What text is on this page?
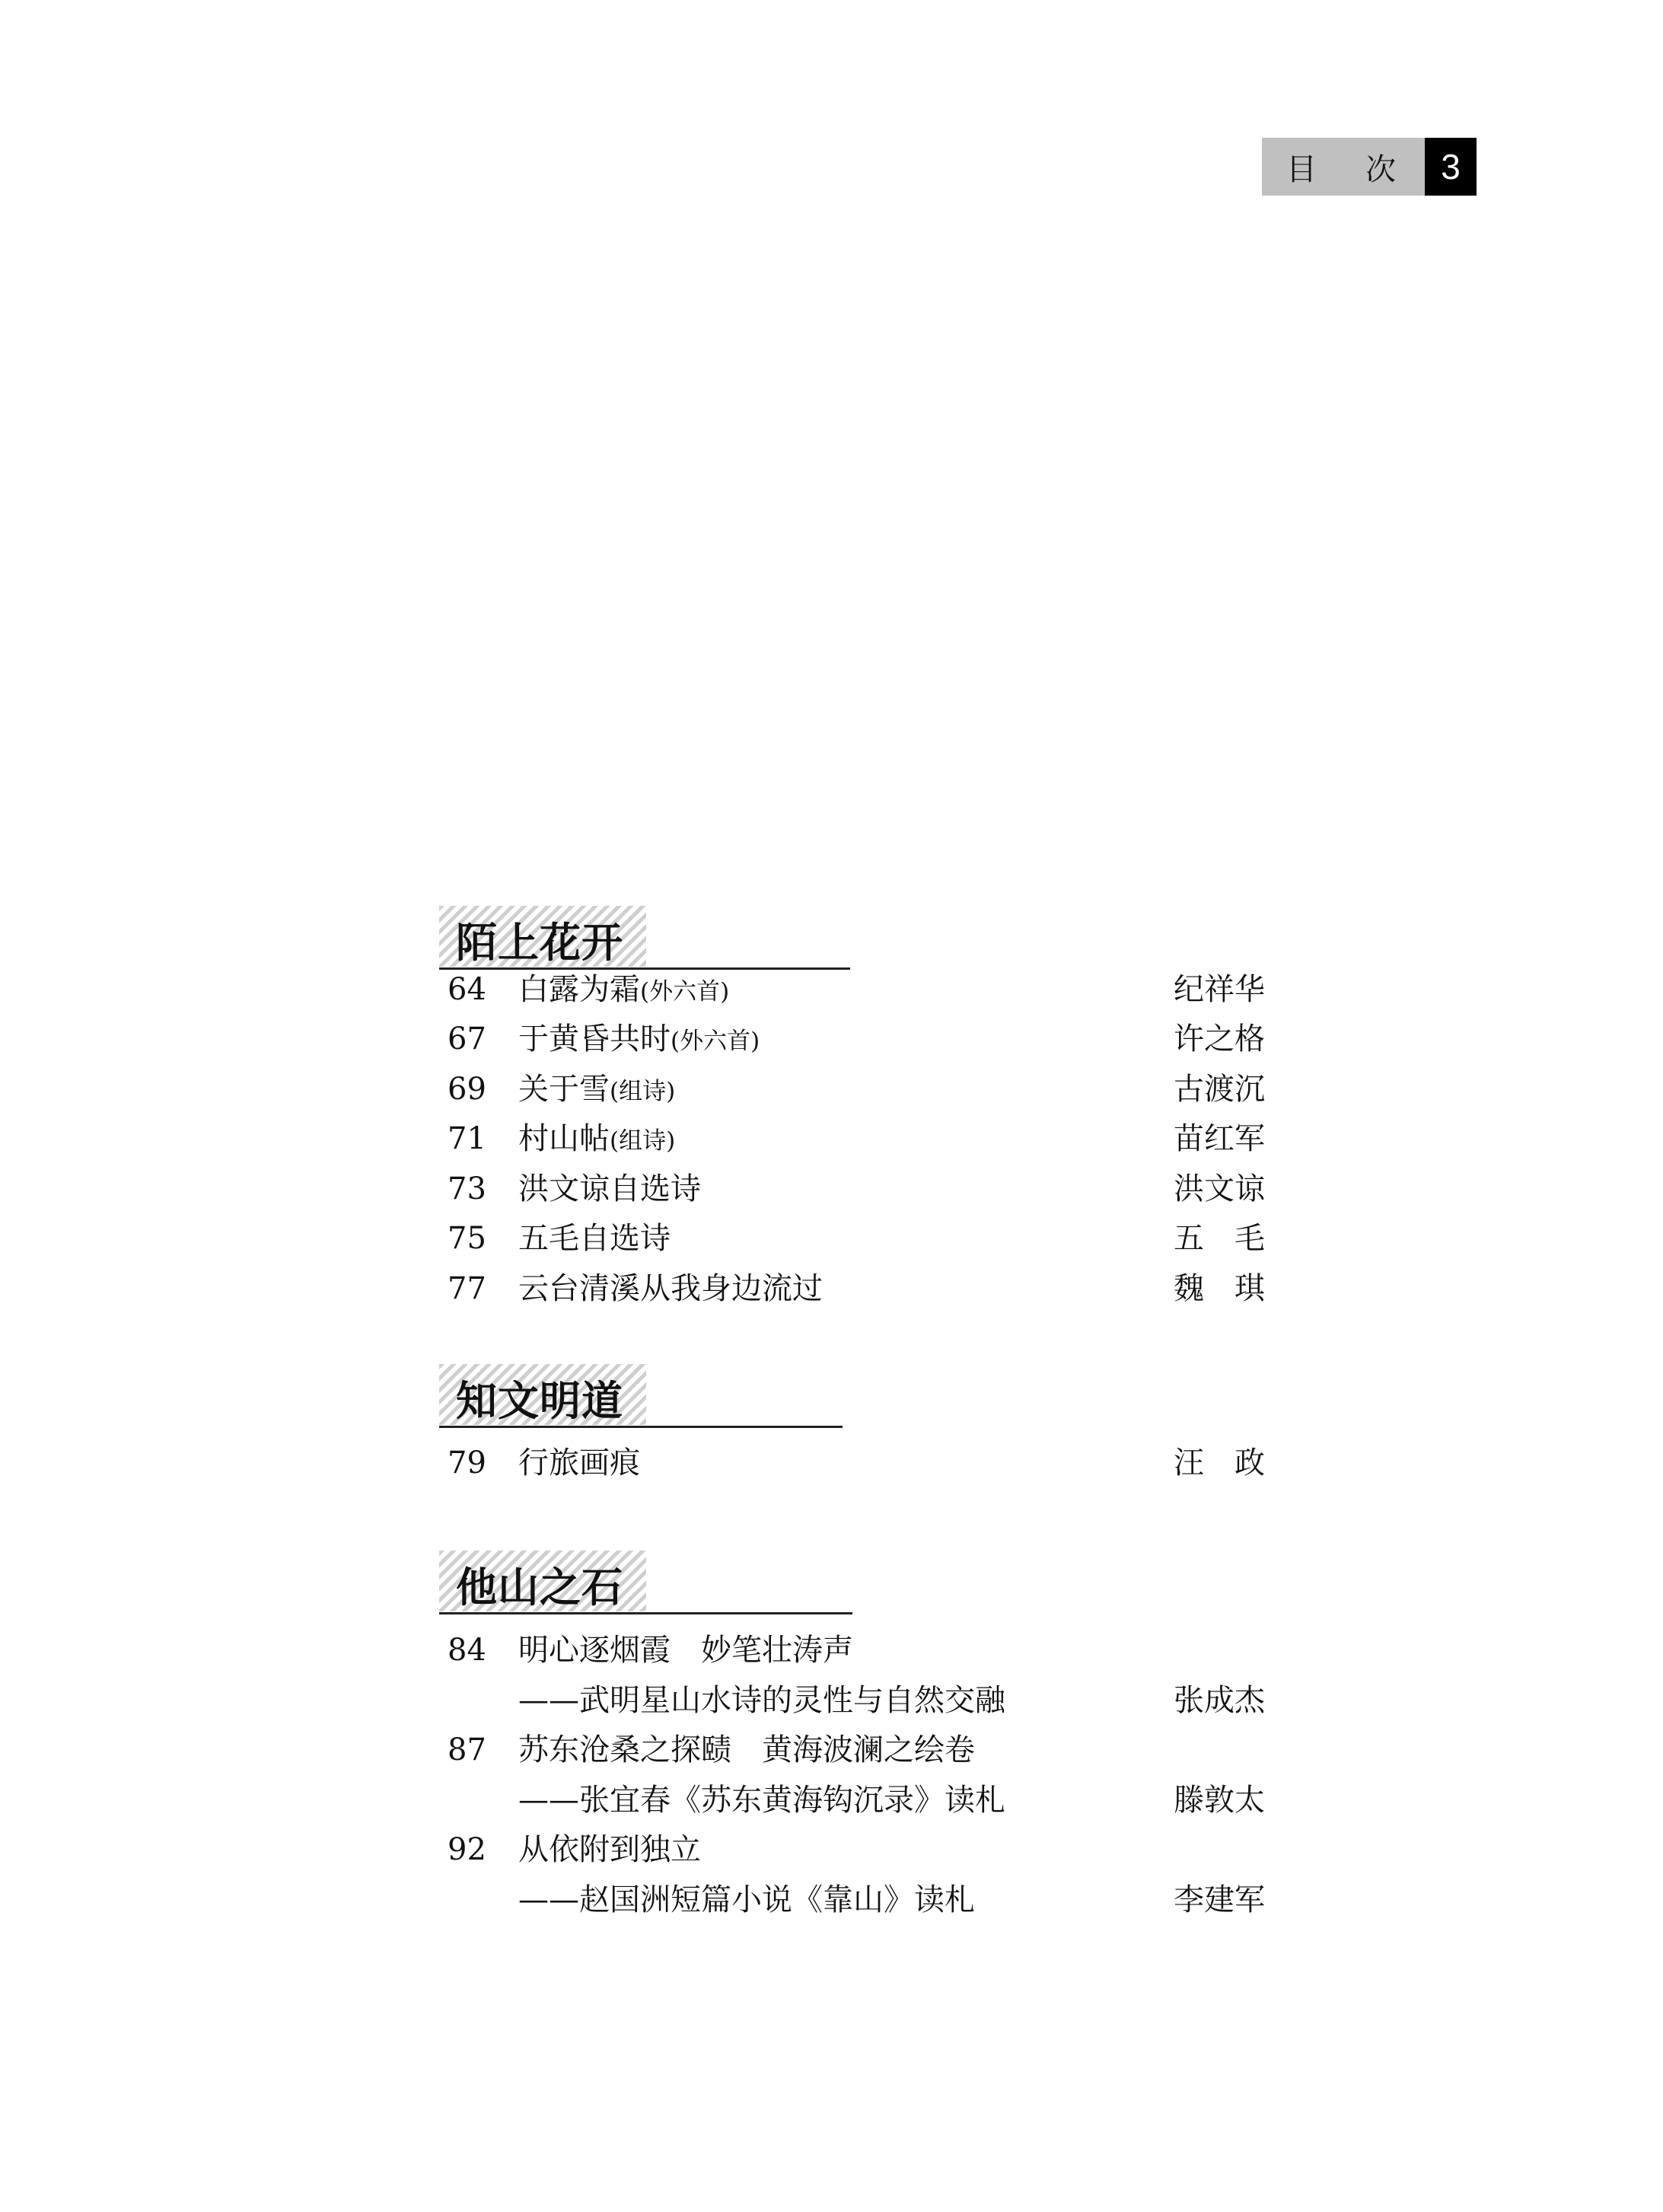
目 次	3
陌上花开
64 白露为霜(外六首)	纪祥华
67 于黄昏共时(外六首)	许之格
69 关于雪(组诗)	古渡沉
71 村山帖(组诗)	苗红军
73 洪文谅自选诗	洪文谅
75 五毛自选诗	五　毛
77 云台清溪从我身边流过	魏　琪
知文明道
79 行旅画痕	汪　政
他山之石
84 明心逐烟霞　妙笔壮涛声
——武明星山水诗的灵性与自然交融	张成杰
87 苏东沧桑之探赜　黄海波澜之绘卷
——张宜春《苏东黄海钩沉录》读札	滕敦太
92 从依附到独立
——赵国洲短篇小说《靠山》读札	李建军
